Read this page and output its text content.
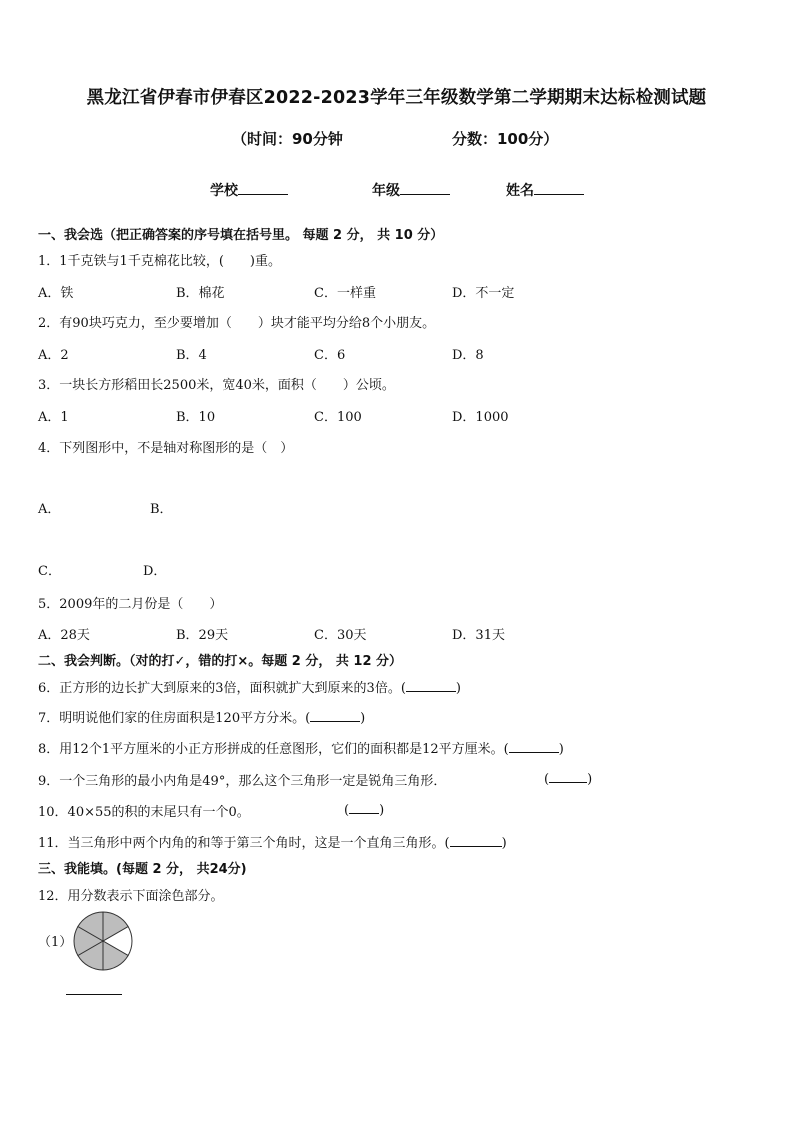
黑龙江省伊春市伊春区2022-2023学年三年级数学第二学期期末达标检测试题
（时间：90分钟	分数：100分）
学校	年级	姓名
一、我会选（把正确答案的序号填在括号里。 每题 2 分， 共 10 分）
1．1千克铁与1千克棉花比较，(　　)重。
A．铁	B．棉花	C．一样重	D．不一定
2．有90块巧克力，至少要增加（　　）块才能平均分给8个小朋友。
A．2	B．4	C．6	D．8
3．一块长方形稻田长2500米，宽40米，面积（　　）公顷。
A．1	B．10	C．100	D．1000
4．下列图形中，不是轴对称图形的是（　）
A．	B．
C．	D．
5．2009年的二月份是（　　）
A．28天	B．29天	C．30天	D．31天
二、我会判断。（对的打✓，错的打×。每题 2 分， 共 12 分）
6．正方形的边长扩大到原来的3倍，面积就扩大到原来的3倍。(	)
7．明明说他们家的住房面积是120平方分米。(	)
8．用12个1平方厘米的小正方形拼成的任意图形，它们的面积都是12平方厘米。(	)
9．一个三角形的最小内角是49°，那么这个三角形一定是锐角三角形．	(	)
10．40×55的积的末尾只有一个0。	( )
11．当三角形中两个内角的和等于第三个角时，这是一个直角三角形。(	)
三、我能填。(每题 2 分， 共24分)
12．用分数表示下面涂色部分。
（1）
